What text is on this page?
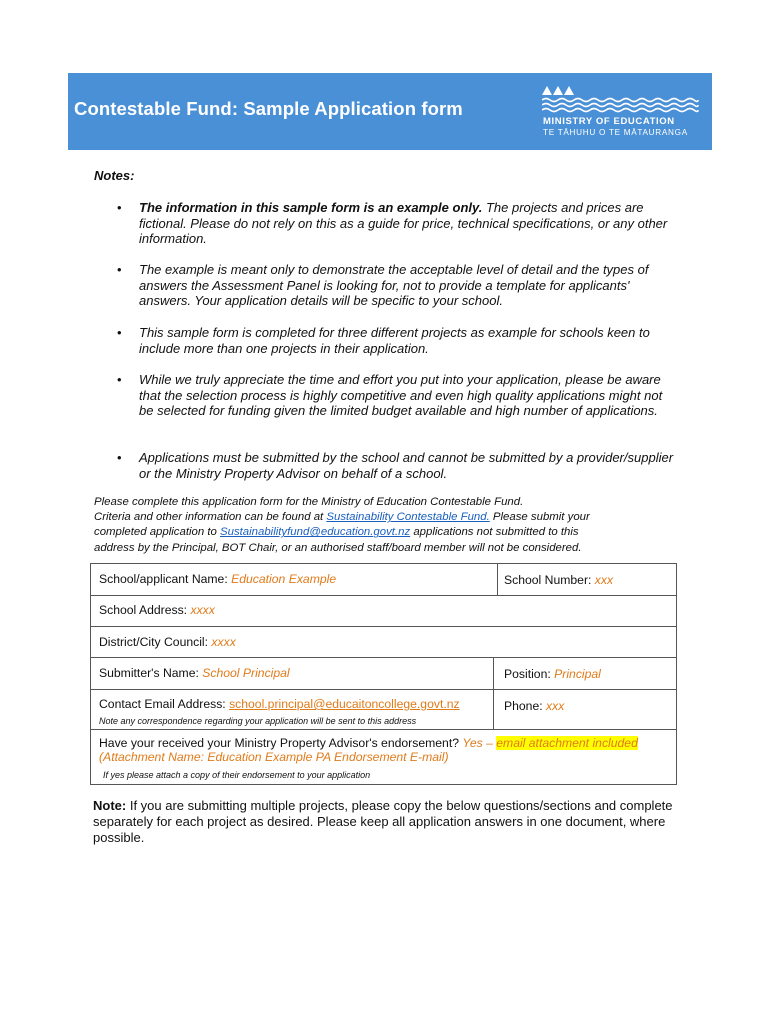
Contestable Fund: Sample Application form
MINISTRY OF EDUCATION
TE TĀHUHU O TE MĀTAURANGA
Notes:
• The information in this sample form is an example only. The projects and prices are fictional. Please do not rely on this as a guide for price, technical specifications, or any other information.
• The example is meant only to demonstrate the acceptable level of detail and the types of answers the Assessment Panel is looking for, not to provide a template for applicants' answers. Your application details will be specific to your school.
• This sample form is completed for three different projects as example for schools keen to include more than one projects in their application.
• While we truly appreciate the time and effort you put into your application, please be aware that the selection process is highly competitive and even high quality applications might not be selected for funding given the limited budget available and high number of applications.
• Applications must be submitted by the school and cannot be submitted by a provider/supplier or the Ministry Property Advisor on behalf of a school.
Please complete this application form for the Ministry of Education Contestable Fund.
Criteria and other information can be found at Sustainability Contestable Fund. Please submit your
completed application to Sustainabilityfund@education.govt.nz applications not submitted to this
address by the Principal, BOT Chair, or an authorised staff/board member will not be considered.
School/applicant Name: Education Example	School Number: xxx
School Address: xxxx
District/City Council: xxxx
Submitter's Name: School Principal	Position: Principal
Contact Email Address: school.principal@educaitoncollege.govt.nz
Note any correspondence regarding your application will be sent to this address
Phone: xxx
Have your received your Ministry Property Advisor's endorsement? Yes – email attachment included
(Attachment Name: Education Example PA Endorsement E-mail)
If yes please attach a copy of their endorsement to your application
Note: If you are submitting multiple projects, please copy the below questions/sections and complete separately for each project as desired. Please keep all application answers in one document, where possible.
